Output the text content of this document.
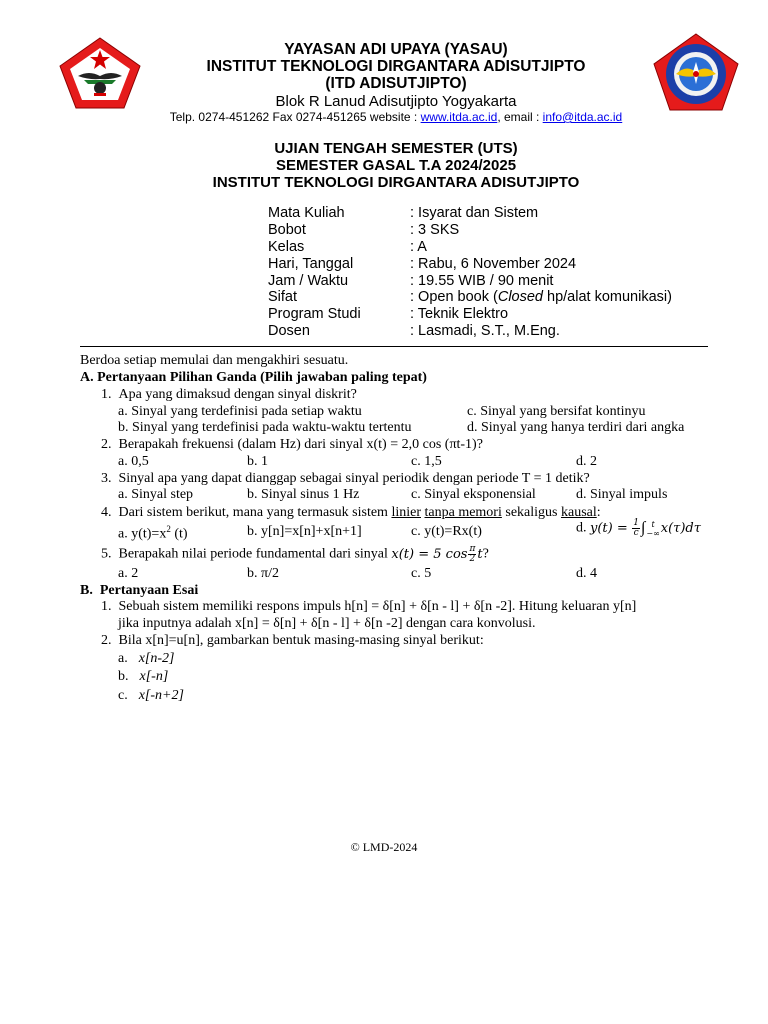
YAYASAN ADI UPAYA (YASAU)
INSTITUT TEKNOLOGI DIRGANTARA ADISUTJIPTO
(ITD ADISUTJIPTO)
Blok R Lanud Adisutjipto Yogyakarta
Telp. 0274-451262 Fax 0274-451265 website : www.itda.ac.id, email : info@itda.ac.id
UJIAN TENGAH SEMESTER (UTS)
SEMESTER GASAL T.A 2024/2025
INSTITUT TEKNOLOGI DIRGANTARA ADISUTJIPTO
Mata Kuliah	: Isyarat dan Sistem
Bobot	: 3 SKS
Kelas	: A
Hari, Tanggal	: Rabu, 6 November 2024
Jam / Waktu	: 19.55 WIB / 90 menit
Sifat	: Open book (Closed hp/alat komunikasi)
Program Studi	: Teknik Elektro
Dosen	: Lasmadi, S.T., M.Eng.
Berdoa setiap memulai dan mengakhiri sesuatu.
A. Pertanyaan Pilihan Ganda (Pilih jawaban paling tepat)
1.  Apa yang dimaksud dengan sinyal diskrit?
a. Sinyal yang terdefinisi pada setiap waktu	c. Sinyal yang bersifat kontinyu
b. Sinyal yang terdefinisi pada waktu-waktu tertentu	d. Sinyal yang hanya terdiri dari angka
2.  Berapakah frekuensi (dalam Hz) dari sinyal x(t) = 2,0 cos (πt-1)?
a. 0,5	b. 1	c. 1,5	d. 2
3.  Sinyal apa yang dapat dianggap sebagai sinyal periodik dengan periode T = 1 detik?
a. Sinyal step	b. Sinyal sinus 1 Hz	c. Sinyal eksponensial	d. Sinyal impuls
4.  Dari sistem berikut, mana yang termasuk sistem linier tanpa memori sekaligus kausal:
a. $y(t)=x^2$ (t)	b. y[n]=x[n]+x[n+1]	c. y(t)=Rx(t)	d. $y(t) = \frac{1}{c}$ ∫ t
−∞ x(τ)dτ
5.  Berapakah nilai periode fundamental dari sinyal x(t) = 5 $\cos \frac{\pi}{2} t$?
a. 2	b. π/2	c. 5	d. 4
B.  Pertanyaan Esai
1.  Sebuah sistem memiliki respons impuls h[n] = δ[n] + δ[n - l] + δ[n -2]. Hitung keluaran y[n]
jika inputnya adalah x[n] = δ[n] + δ[n - l] + δ[n -2] dengan cara konvolusi.
2.  Bila x[n]=u[n], gambarkan bentuk masing-masing sinyal berikut:
a. x[n-2]
b. x[-n]
c. x[-n+2]
© LMD-2024
